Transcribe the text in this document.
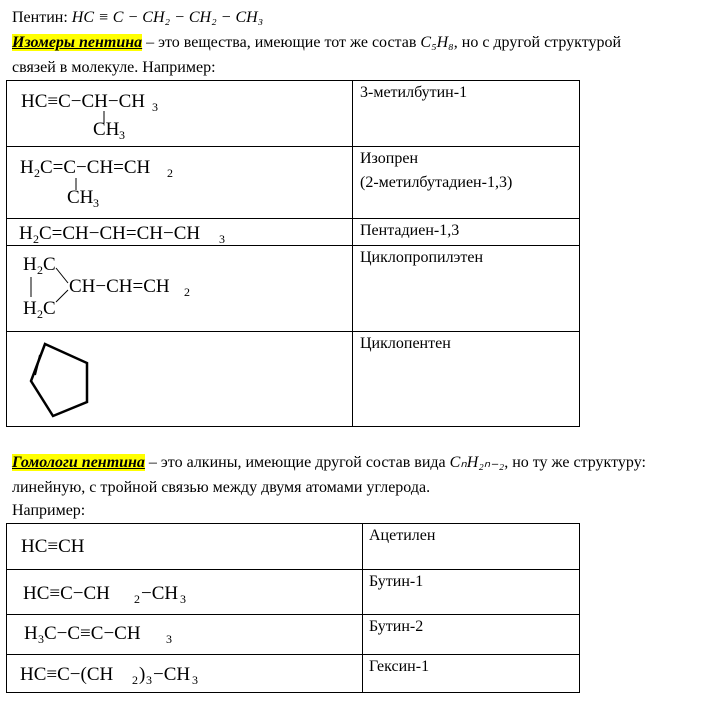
Пентин: HC ≡ C − CH₂ − CH₂ − CH₃
Изомеры пентина – это вещества, имеющие тот же состав C₅H₈, но с другой структурой
связей в молекуле. Например:
HC≡C−CH−CH 3
CH 3
3-метилбутин-1
H 2 C=C−CH=CH 2
CH 3
Изопрен
(2-метилбутадиен-1,3)
H 2 C=CH−CH=CH−CH 3	Пентадиен-1,3
H 2 C
H 2 C
CH−CH=CH 2
Циклопропилэтен
Циклопентен
Гомологи пентина – это алкины, имеющие другой состав вида CₙH₂ₙ₋₂, но ту же структуру:
линейную, с тройной связью между двумя атомами углерода.
Например:
HC≡CH
Ацетилен
HC≡C−CH 2 −CH 3
Бутин-1
H 3 C−C≡C−CH 3
Бутин-2
HC≡C−(CH 2 ) 3 −CH 3
Гексин-1
